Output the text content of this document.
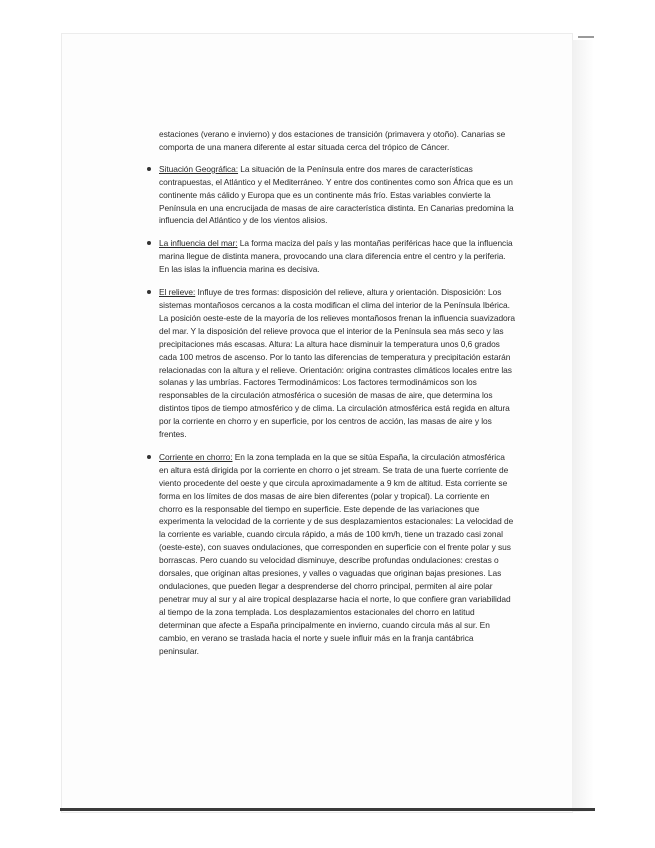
estaciones (verano e invierno) y dos estaciones de transición (primavera y otoño). Canarias se comporta de una manera diferente al estar situada cerca del trópico de Cáncer.

Situación Geográfica: La situación de la Península entre dos mares de características contrapuestas, el Atlántico y el Mediterráneo. Y entre dos continentes como son África que es un continente más cálido y Europa que es un continente más frío. Estas variables convierte la Península en una encrucijada de masas de aire característica distinta. En Canarias predomina la influencia del Atlántico y de los vientos alisios.
La influencia del mar: La forma maciza del país y las montañas periféricas hace que la influencia marina llegue de distinta manera, provocando una clara diferencia entre el centro y la periferia. En las islas la influencia marina es decisiva.
El relieve: Influye de tres formas: disposición del relieve, altura y orientación. Disposición: Los sistemas montañosos cercanos a la costa modifican el clima del interior de la Península Ibérica. La posición oeste-este de la mayoría de los relieves montañosos frenan la influencia suavizadora del mar. Y la disposición del relieve provoca que el interior de la Península sea más seco y las precipitaciones más escasas. Altura: La altura hace disminuir la temperatura unos 0,6 grados cada 100 metros de ascenso. Por lo tanto las diferencias de temperatura y precipitación estarán relacionadas con la altura y el relieve. Orientación: origina contrastes climáticos locales entre las solanas y las umbrías. Factores Termodinámicos: Los factores termodinámicos son los responsables de la circulación atmosférica o sucesión de masas de aire, que determina los distintos tipos de tiempo atmosférico y de clima. La circulación atmosférica está regida en altura por la corriente en chorro y en superficie, por los centros de acción, las masas de aire y los frentes.
Corriente en chorro: En la zona templada en la que se sitúa España, la circulación atmosférica en altura está dirigida por la corriente en chorro o jet stream. Se trata de una fuerte corriente de viento procedente del oeste y que circula aproximadamente a 9 km de altitud. Esta corriente se forma en los límites de dos masas de aire bien diferentes (polar y tropical). La corriente en chorro es la responsable del tiempo en superficie. Este depende de las variaciones que experimenta la velocidad de la corriente y de sus desplazamientos estacionales: La velocidad de la corriente es variable, cuando circula rápido, a más de 100 km/h, tiene un trazado casi zonal (oeste-este), con suaves ondulaciones, que corresponden en superficie con el frente polar y sus borrascas. Pero cuando su velocidad disminuye, describe profundas ondulaciones: crestas o dorsales, que originan altas presiones, y valles o vaguadas que originan bajas presiones. Las ondulaciones, que pueden llegar a desprenderse del chorro principal, permiten al aire polar penetrar muy al sur y al aire tropical desplazarse hacia el norte, lo que confiere gran variabilidad al tiempo de la zona templada. Los desplazamientos estacionales del chorro en latitud determinan que afecte a España principalmente en invierno, cuando circula más al sur. En cambio, en verano se traslada hacia el norte y suele influir más en la franja cantábrica peninsular.
